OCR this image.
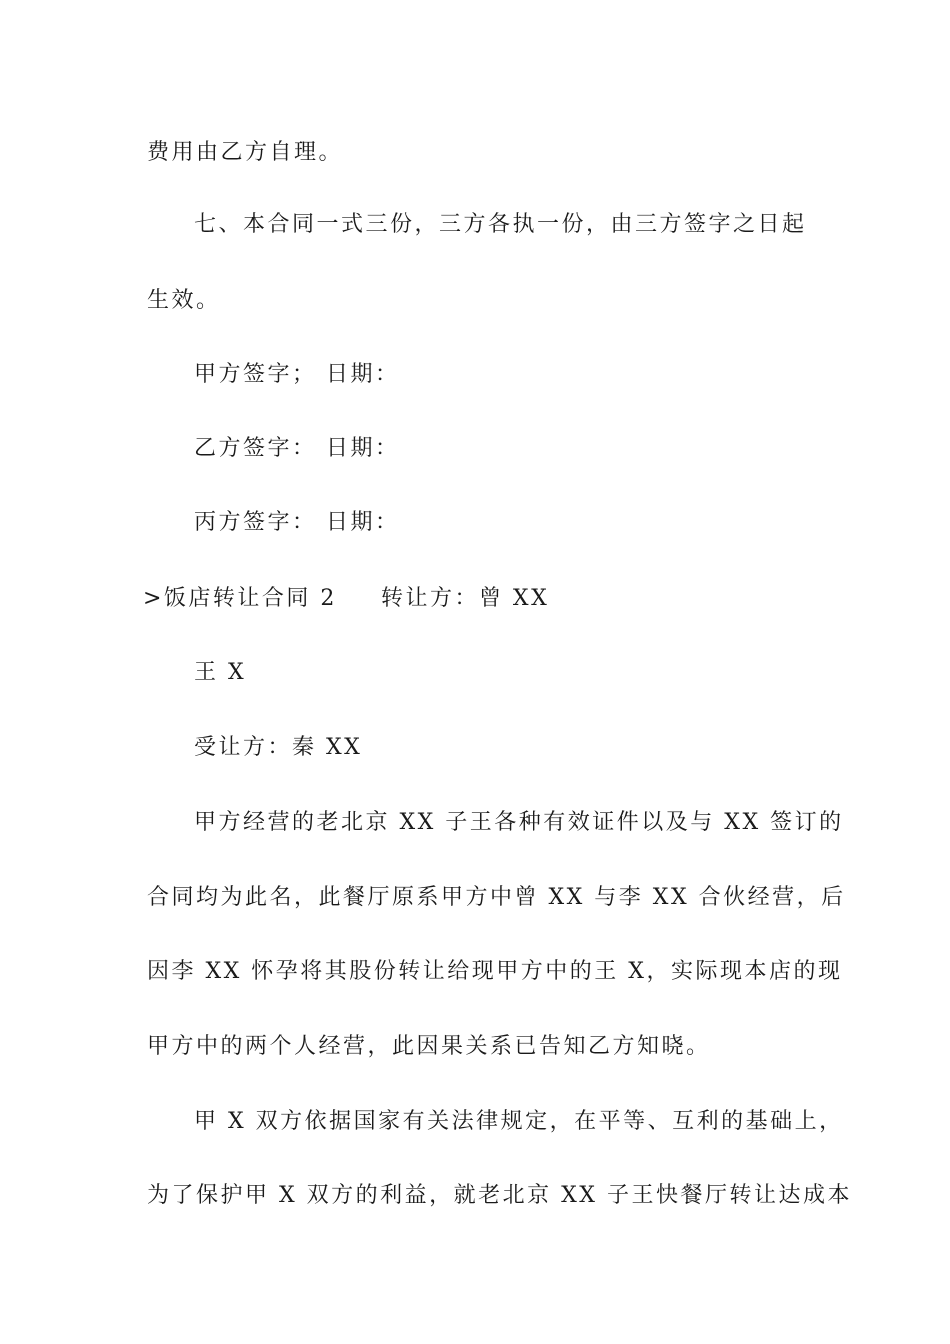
费用由乙方自理。
七、本合同一式三份，三方各执一份，由三方签字之日起
生效。
甲方签字； 日期：
乙方签字： 日期：
丙方签字： 日期：
>饭店转让合同 2 转让方：曾 XX
王 X
受让方：秦 XX
甲方经营的老北京 XX 子王各种有效证件以及与 XX 签订的
合同均为此名，此餐厅原系甲方中曾 XX 与李 XX 合伙经营，后
因李 XX 怀孕将其股份转让给现甲方中的王 X，实际现本店的现
甲方中的两个人经营，此因果关系已告知乙方知晓。
甲 X 双方依据国家有关法律规定，在平等、互利的基础上，
为了保护甲 X 双方的利益，就老北京 XX 子王快餐厅转让达成本
